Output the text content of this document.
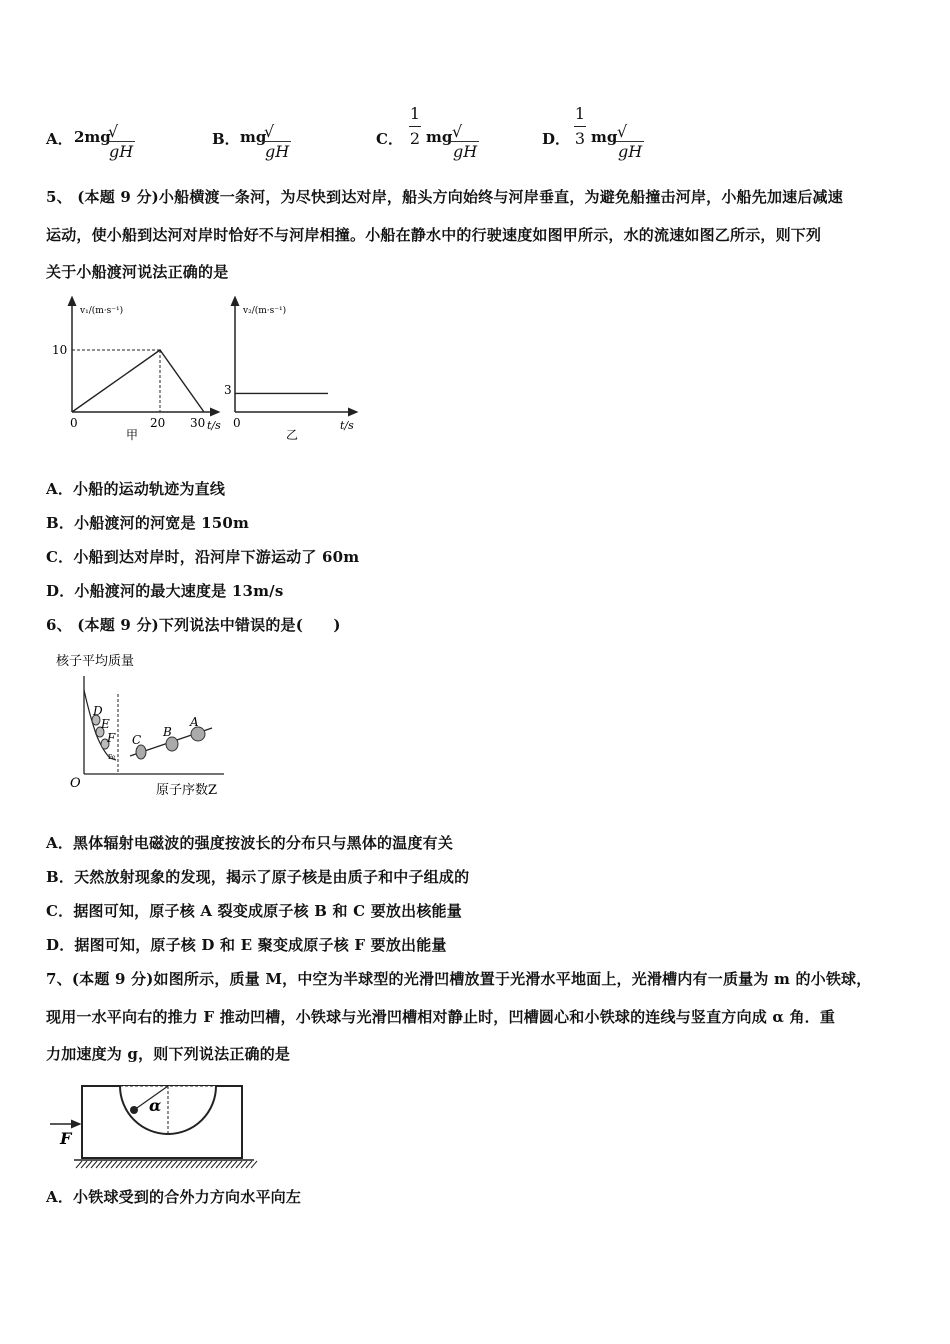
A． 2mg
√gH
B． mg
√gH
C．
1
2 mg √gH
D．
1
3 mg √gH
5、 (本题 9 分)小船横渡一条河，为尽快到达对岸，船头方向始终与河岸垂直，为避免船撞击河岸，小船先加速后减速
运动，使小船到达河对岸时恰好不与河岸相撞。小船在静水中的行驶速度如图甲所示，水的流速如图乙所示，则下列
关于小船渡河说法正确的是
v₁/(m·s⁻¹)
10
0	20 30 t/s
甲
v₂/(m·s⁻¹)
3
0	t/s
乙
A．小船的运动轨迹为直线
B．小船渡河的河宽是 150m
C．小船到达对岸时，沿河岸下游运动了 60m
D．小船渡河的最大速度是 13m/s
6、 (本题 9 分)下列说法中错误的是(　　)
核子平均质量
O	原子序数Z
D
E
F C
B
A
Fe
A．黑体辐射电磁波的强度按波长的分布只与黑体的温度有关
B．天然放射现象的发现，揭示了原子核是由质子和中子组成的
C．据图可知，原子核 A 裂变成原子核 B 和 C 要放出核能量
D．据图可知，原子核 D 和 E 聚变成原子核 F 要放出能量
7、(本题 9 分)如图所示，质量 M，中空为半球型的光滑凹槽放置于光滑水平地面上，光滑槽内有一质量为 m 的小铁球，
现用一水平向右的推力 F 推动凹槽，小铁球与光滑凹槽相对静止时，凹槽圆心和小铁球的连线与竖直方向成 α 角．重
力加速度为 g，则下列说法正确的是
α
F
A．小铁球受到的合外力方向水平向左
